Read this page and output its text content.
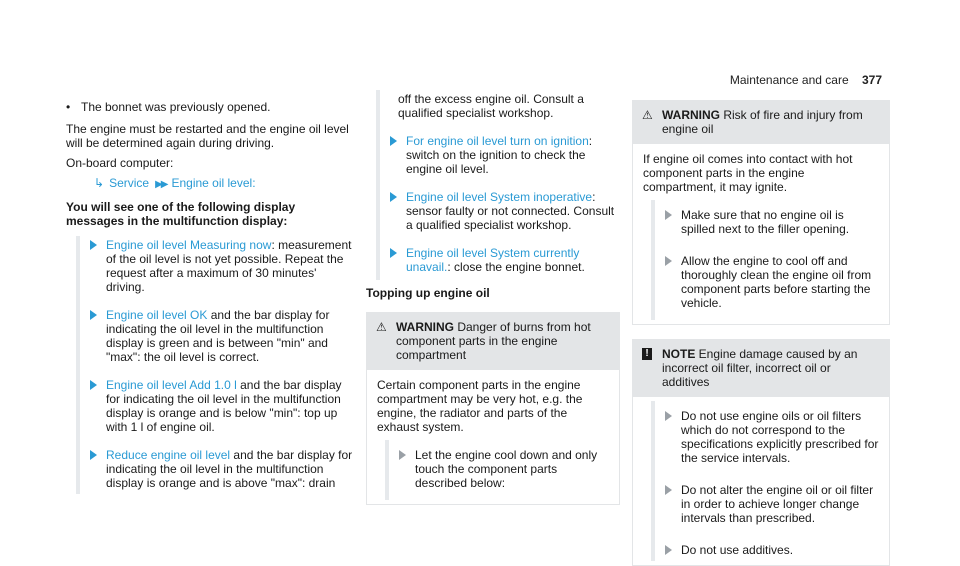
Maintenance and care 377
• The bonnet was previously opened.

The engine must be restarted and the engine oil level will be determined again during driving.

On-board computer:

↳ Service ▶▶ Engine oil level:

You will see one of the following display messages in the multifunction display:

Engine oil level Measuring now: measurement of the oil level is not yet possible. Repeat the request after a maximum of 30 minutes' driving.
Engine oil level OK and the bar display for indicating the oil level in the multifunction display is green and is between "min" and "max": the oil level is correct.
Engine oil level Add 1.0 l and the bar display for indicating the oil level in the multifunction display is orange and is below "min": top up with 1 l of engine oil.
Reduce engine oil level and the bar display for indicating the oil level in the multifunction display is orange and is above "max": drain
off the excess engine oil. Consult a qualified specialist workshop.
For engine oil level turn on ignition: switch on the ignition to check the engine oil level.
Engine oil level System inoperative: sensor faulty or not connected. Consult a qualified specialist workshop.
Engine oil level System currently unavail.: close the engine bonnet.

Topping up engine oil

⚠ WARNING Danger of burns from hot component parts in the engine compartment

Certain component parts in the engine compartment may be very hot, e.g. the engine, the radiator and parts of the exhaust system.

Let the engine cool down and only touch the component parts described below:
⚠ WARNING Risk of fire and injury from engine oil

If engine oil comes into contact with hot component parts in the engine compartment, it may ignite.

Make sure that no engine oil is spilled next to the filler opening.
Allow the engine to cool off and thoroughly clean the engine oil from component parts before starting the vehicle.
! NOTE Engine damage caused by an incorrect oil filter, incorrect oil or additives
Do not use engine oils or oil filters which do not correspond to the specifications explicitly prescribed for the service intervals.
Do not alter the engine oil or oil filter in order to achieve longer change intervals than prescribed.
Do not use additives.
